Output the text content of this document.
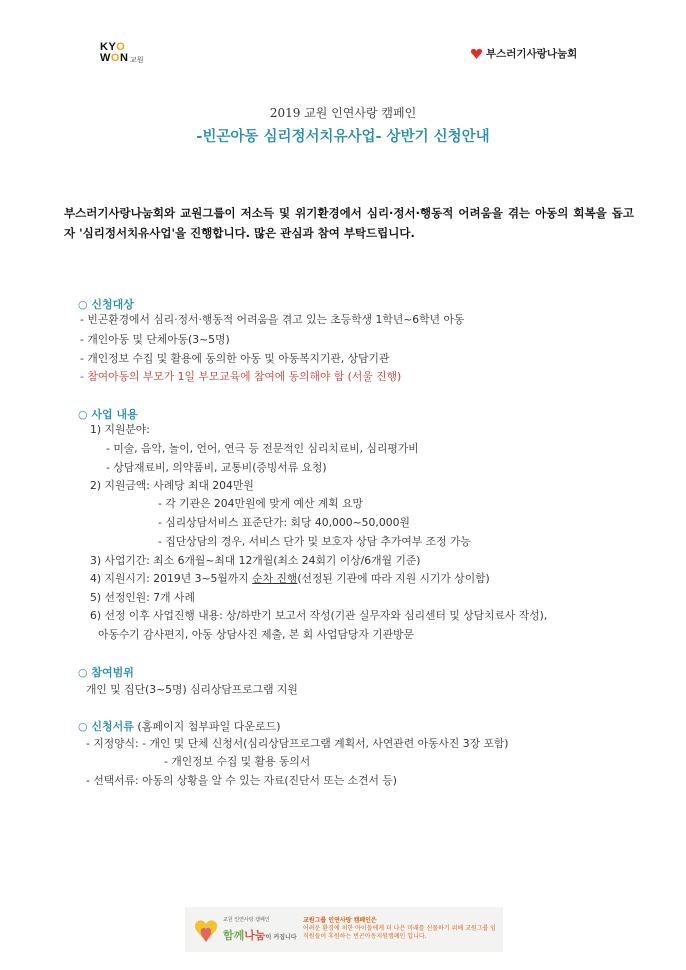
KYO
WON 교원	부스러기사랑나눔회
2019 교원 인연사랑 캠페인
-빈곤아동 심리정서치유사업- 상반기 신청안내
부스러기사랑나눔회와 교원그룹이 저소득 및 위기환경에서 심리·정서·행동적 어려움을 겪는 아동의 회복을 돕고자 '심리정서치유사업'을 진행합니다. 많은 관심과 참여 부탁드립니다.
○ 신청대상
- 빈곤환경에서 심리·정서·행동적 어려움을 겪고 있는 초등학생 1학년~6학년 아동
- 개인아동 및 단체아동(3~5명)
- 개인정보 수집 및 활용에 동의한 아동 및 아동복지기관, 상담기관
- 참여아동의 부모가 1일 부모교육에 참여에 동의해야 함 (서울 진행)
○ 사업 내용
1) 지원분야:
- 미술, 음악, 놀이, 언어, 연극 등 전문적인 심리치료비, 심리평가비
- 상담재료비, 의약품비, 교통비(증빙서류 요청)
2) 지원금액: 사례당 최대 204만원
- 각 기관은 204만원에 맞게 예산 계획 요망
- 심리상담서비스 표준단가: 회당 40,000~50,000원
- 집단상담의 경우, 서비스 단가 및 보호자 상담 추가여부 조정 가능
3) 사업기간: 최소 6개월~최대 12개월(최소 24회기 이상/6개월 기준)
4) 지원시기: 2019년 3~5월까지 순차 진행(선정된 기관에 따라 지원 시기가 상이함)
5) 선정인원: 7개 사례
6) 선정 이후 사업진행 내용: 상/하반기 보고서 작성(기관 실무자와 심리센터 및 상담치료사 작성),
아동수기 감사편지, 아동 상담사진 제출, 본 회 사업담당자 기관방문
○ 참여범위
개인 및 집단(3~5명) 심리상담프로그램 지원
○ 신청서류 (홈페이지 첨부파일 다운로드)
- 지정양식: - 개인 및 단체 신청서(심리상담프로그램 계획서, 사연관련 아동사진 3장 포함)
- 개인정보 수집 및 활용 동의서
- 선택서류: 아동의 상황을 알 수 있는 자료(진단서 또는 소견서 등)
교원 인연사랑 캠페인
함께나눔이 커집니다
교원그룹 인연사랑 캠페인은
어려운 환경에 처한 아이들에게 더 나은 미래를 선물하기 위해 교원그룹 임직원들이 후원하는 빈곤아동지원캠페인 입니다.
